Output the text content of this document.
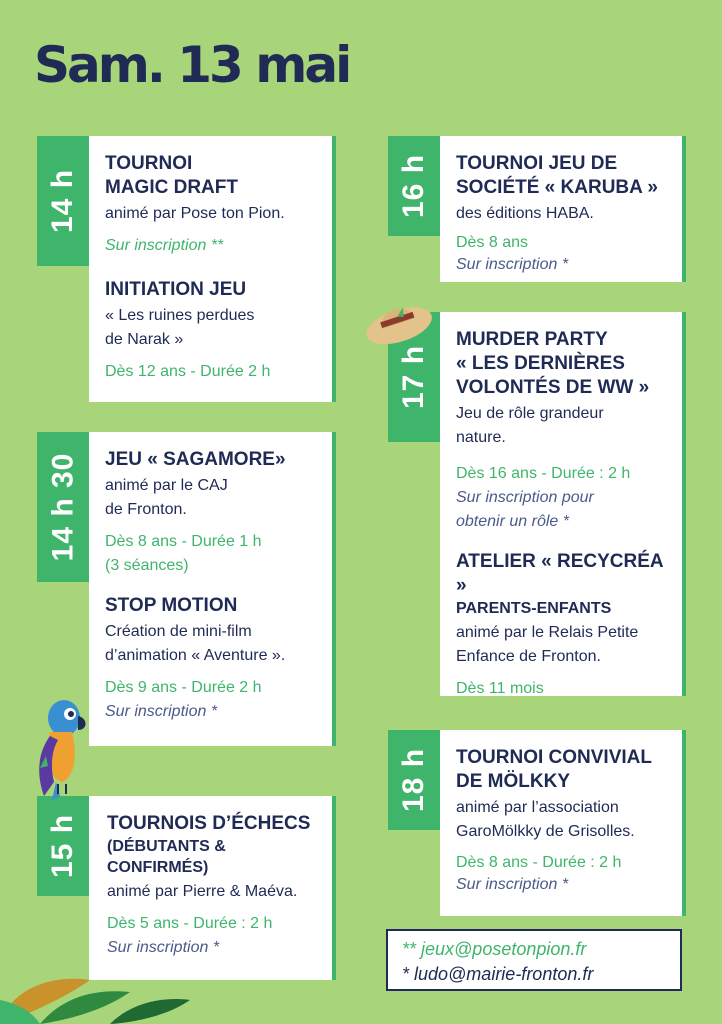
Sam. 13 mai
14 h
TOURNOI
MAGIC DRAFT
animé par Pose ton Pion.
Sur inscription **
INITIATION JEU
« Les ruines perdues
de Narak »
Dès 12 ans - Durée 2 h
14 h 30 JEU « SAGAMORE»
animé par le CAJ
de Fronton.
Dès 8 ans - Durée 1 h
(3 séances)
STOP MOTION
Création de mini-film
d’animation « Aventure ».
Dès 9 ans - Durée 2 h
Sur inscription *
15 h TOURNOIS D’ÉCHECS
(DÉBUTANTS &
CONFIRMÉS)
animé par Pierre & Maéva.
Dès 5 ans - Durée : 2 h
Sur inscription *
16 h TOURNOI JEU DE
SOCIÉTÉ « KARUBA »
des éditions HABA.
Dès 8 ans
Sur inscription *
17 h
MURDER PARTY
« LES DERNIÈRES
VOLONTÉS DE WW »
Jeu de rôle grandeur
nature.
Dès 16 ans - Durée : 2 h
Sur inscription pour
obtenir un rôle *
ATELIER « RECYCRÉA »
PARENTS-ENFANTS
animé par le Relais Petite
Enfance de Fronton.
Dès 11 mois
18 h TOURNOI CONVIVIAL
DE MÖLKKY
animé par l’association
GaroMölkky de Grisolles.
Dès 8 ans - Durée : 2 h
Sur inscription *
** jeux@posetonpion.fr
* ludo@mairie-fronton.fr
